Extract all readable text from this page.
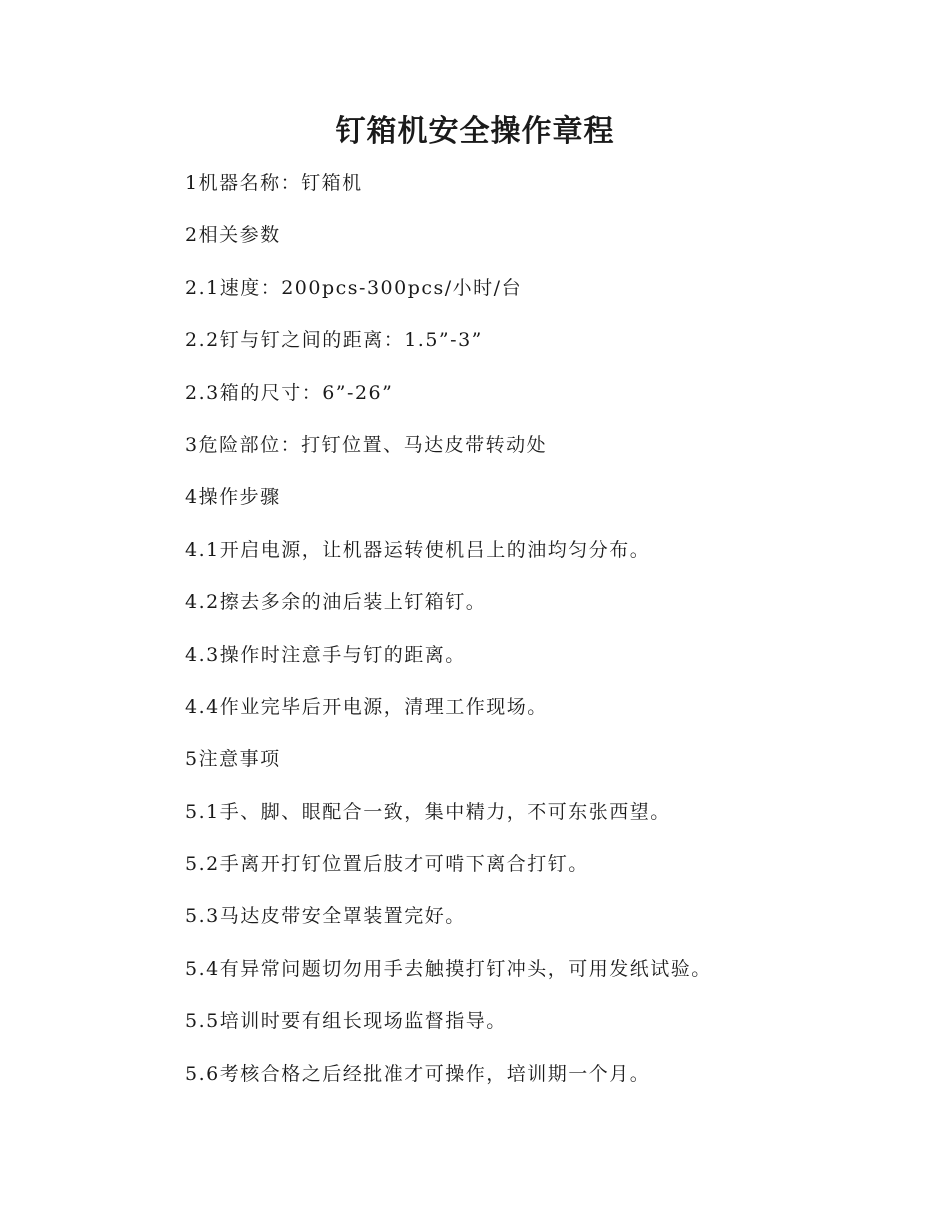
钉箱机安全操作章程
1机器名称：钉箱机
2相关参数
2.1速度：200pcs-300pcs/小时/台
2.2钉与钉之间的距离：1.5”-3”
2.3箱的尺寸：6”-26”
3危险部位：打钉位置、马达皮带转动处
4操作步骤
4.1开启电源，让机器运转使机吕上的油均匀分布。
4.2擦去多余的油后装上钉箱钉。
4.3操作时注意手与钉的距离。
4.4作业完毕后开电源，清理工作现场。
5注意事项
5.1手、脚、眼配合一致，集中精力，不可东张西望。
5.2手离开打钉位置后肢才可啃下离合打钉。
5.3马达皮带安全罩装置完好。
5.4有异常问题切勿用手去触摸打钉冲头，可用发纸试验。
5.5培训时要有组长现场监督指导。
5.6考核合格之后经批准才可操作，培训期一个月。
